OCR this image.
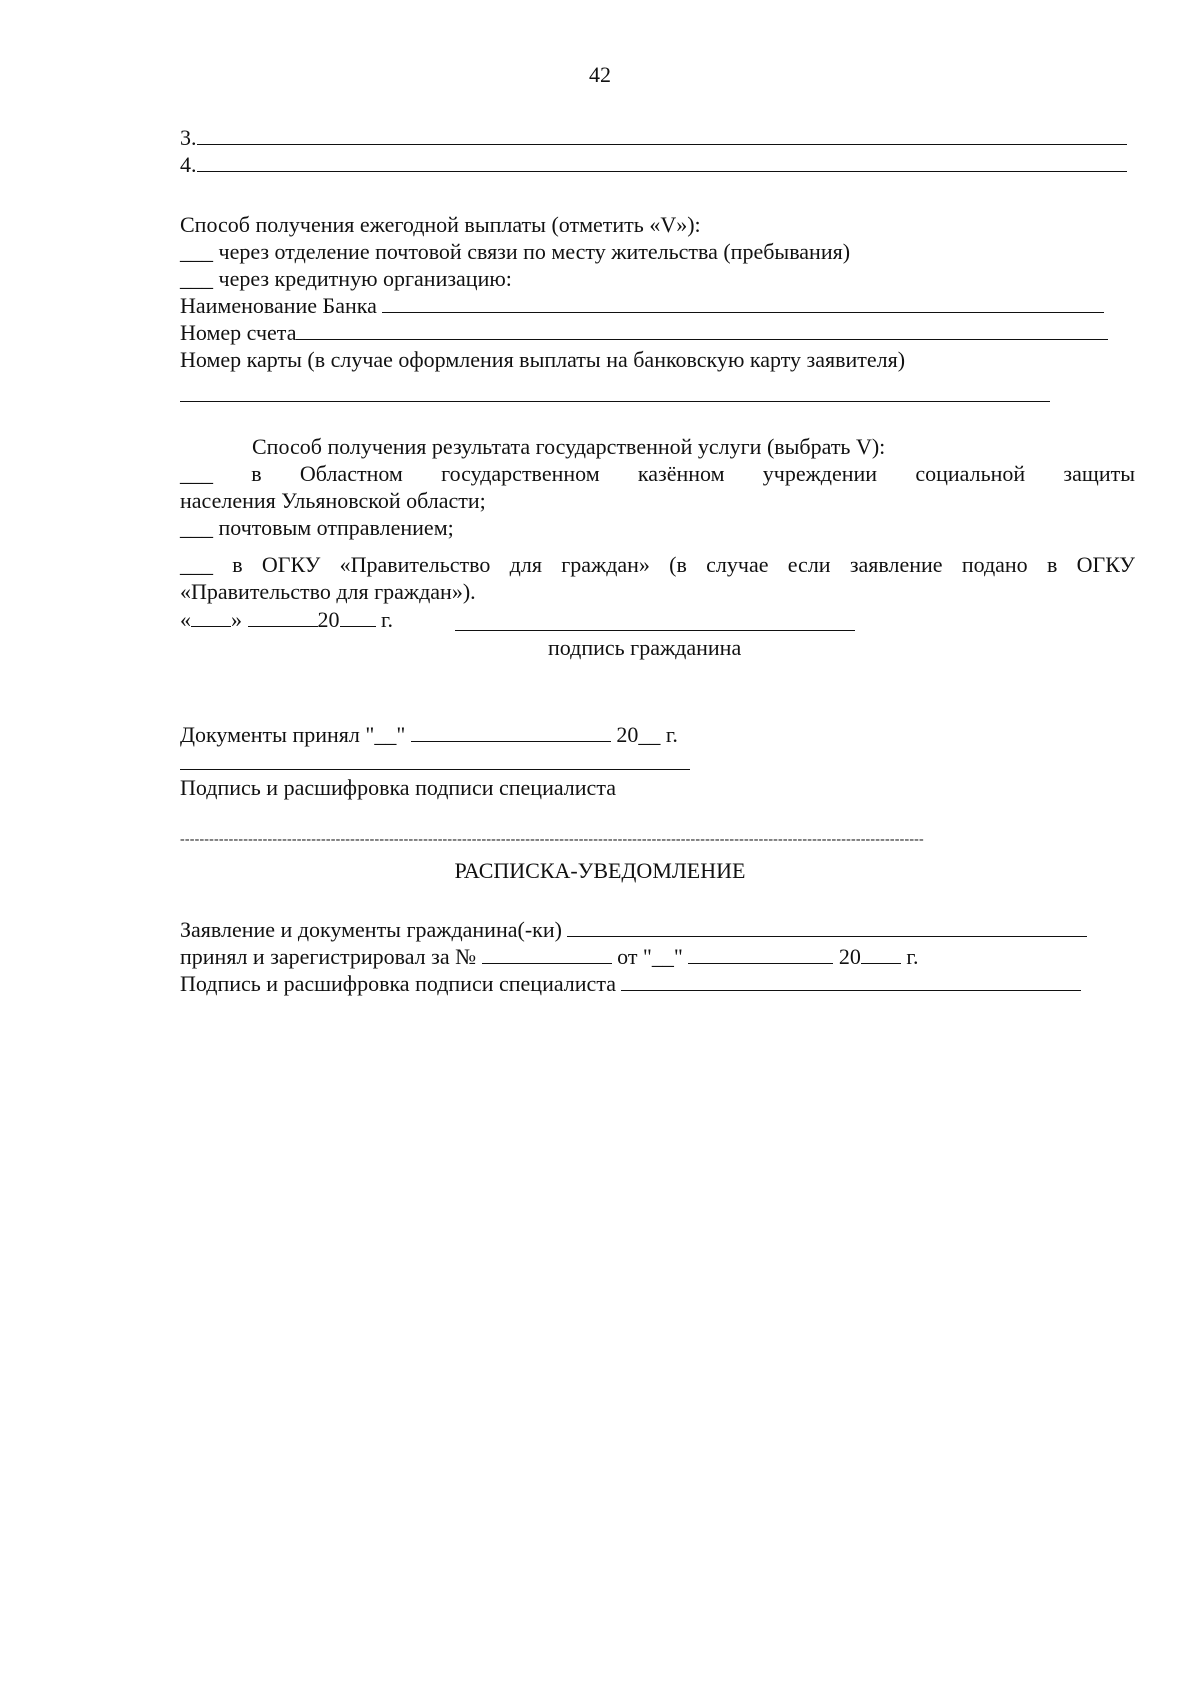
42
3.
4.
Способ получения ежегодной выплаты (отметить «V»):
___ через отделение почтовой связи по месту жительства (пребывания)
___ через кредитную организацию:
Наименование Банка
Номер счета
Номер карты (в случае оформления выплаты на банковскую карту заявителя)
Способ получения результата государственной услуги (выбрать V):
___ в Областном государственном казённом учреждении социальной защиты
населения Ульяновской области;
___ почтовым отправлением;
___ в ОГКУ «Правительство для граждан» (в случае если заявление подано в ОГКУ
«Правительство для граждан»).
« »	20 г.
подпись гражданина
Документы принял "__"	20__ г.
Подпись и расшифровка подписи специалиста
---------------------------------------------------------------------------------------------------------------------------------------------------------
РАСПИСКА-УВЕДОМЛЕНИЕ
Заявление и документы гражданина(-ки)
принял и зарегистрировал за №	от "__"	20 г.
Подпись и расшифровка подписи специалиста
